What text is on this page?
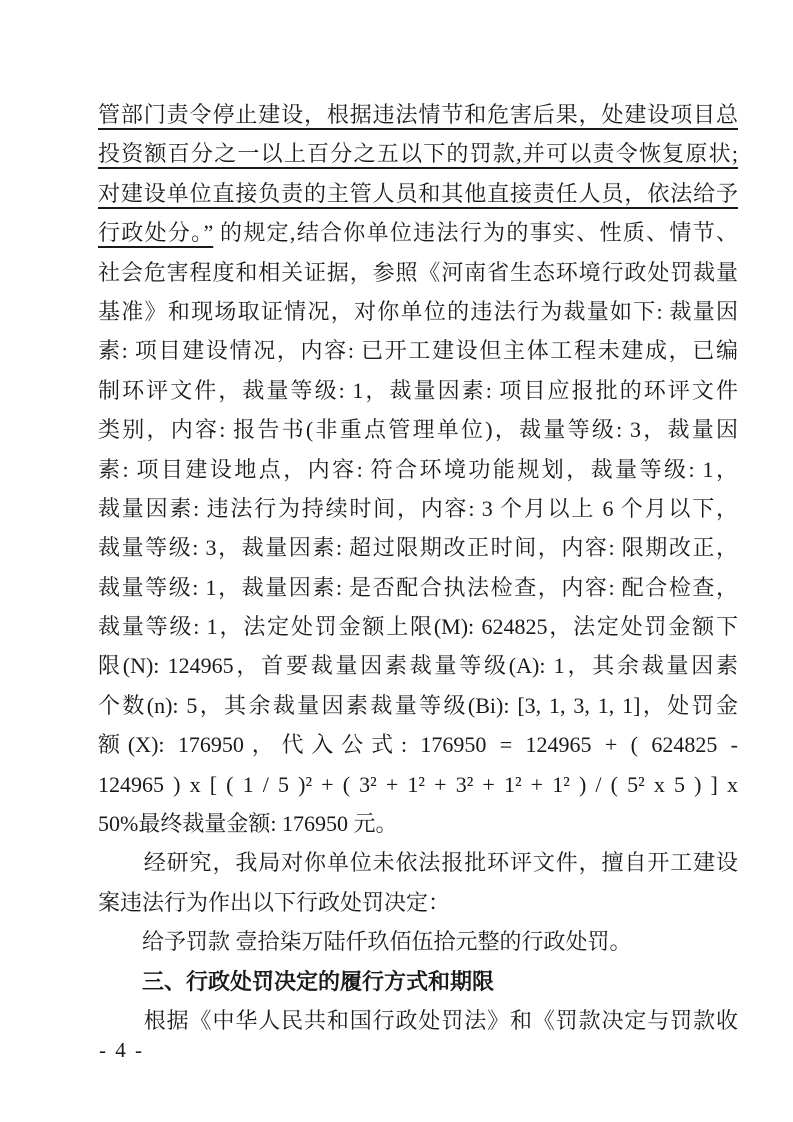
管部门责令停止建设，根据违法情节和危害后果，处建设项目总
投资额百分之一以上百分之五以下的罚款,并可以责令恢复原状;
对建设单位直接负责的主管人员和其他直接责任人员，依法给予
行政处分。” 的规定,结合你单位违法行为的事实、性质、情节、
社会危害程度和相关证据，参照《河南省生态环境行政处罚裁量
基准》和现场取证情况，对你单位的违法行为裁量如下: 裁量因
素: 项目建设情况，内容: 已开工建设但主体工程未建成，已编
制环评文件，裁量等级: 1，裁量因素: 项目应报批的环评文件
类别，内容: 报告书(非重点管理单位)，裁量等级: 3，裁量因
素: 项目建设地点，内容: 符合环境功能规划，裁量等级: 1，
裁量因素: 违法行为持续时间，内容: 3 个月以上 6 个月以下，
裁量等级: 3，裁量因素: 超过限期改正时间，内容: 限期改正，
裁量等级: 1，裁量因素: 是否配合执法检查，内容: 配合检查，
裁量等级: 1，法定处罚金额上限(M): 624825，法定处罚金额下
限(N): 124965，首要裁量因素裁量等级(A): 1，其余裁量因素
个数(n): 5，其余裁量因素裁量等级(Bi): [3, 1, 3, 1, 1]，处罚金
额(X): 176950，代入公式: 176950 = 124965 + ( 624825 -
124965 ) x [ ( 1 / 5 )² + ( 3² + 1² + 3² + 1² + 1² ) / ( 5² x 5 ) ] x
50%最终裁量金额: 176950 元。
　　经研究，我局对你单位未依法报批环评文件，擅自开工建设
案违法行为作出以下行政处罚决定：
　　给予罚款 壹拾柒万陆仟玖佰伍拾元整的行政处罚。
　　三、行政处罚决定的履行方式和期限
　　根据《中华人民共和国行政处罚法》和《罚款决定与罚款收
- 4 -
